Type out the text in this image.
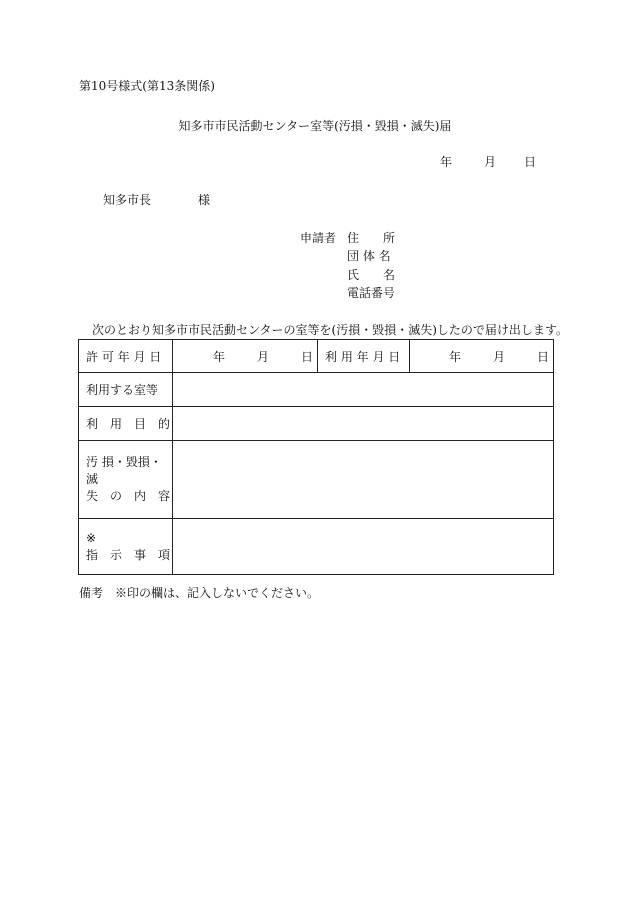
第10号様式(第13条関係)
知多市市民活動センター室等(汚損・毀損・滅失)届
年	月 日
知多市長	様
申請者 住　　所
団 体 名
氏　　名
電話番号
次のとおり知多市市民活動センターの室等を(汚損・毀損・滅失)したので届け出します。
許 可 年 月 日	年 月 日	利 用 年 月 日	年 月 日
利用する室等			
利　用　目　的			

汚 損・毀損・滅
失　の　内　容			

※
指　示　事　項			

備考　※印の欄は、記入しないでください。
